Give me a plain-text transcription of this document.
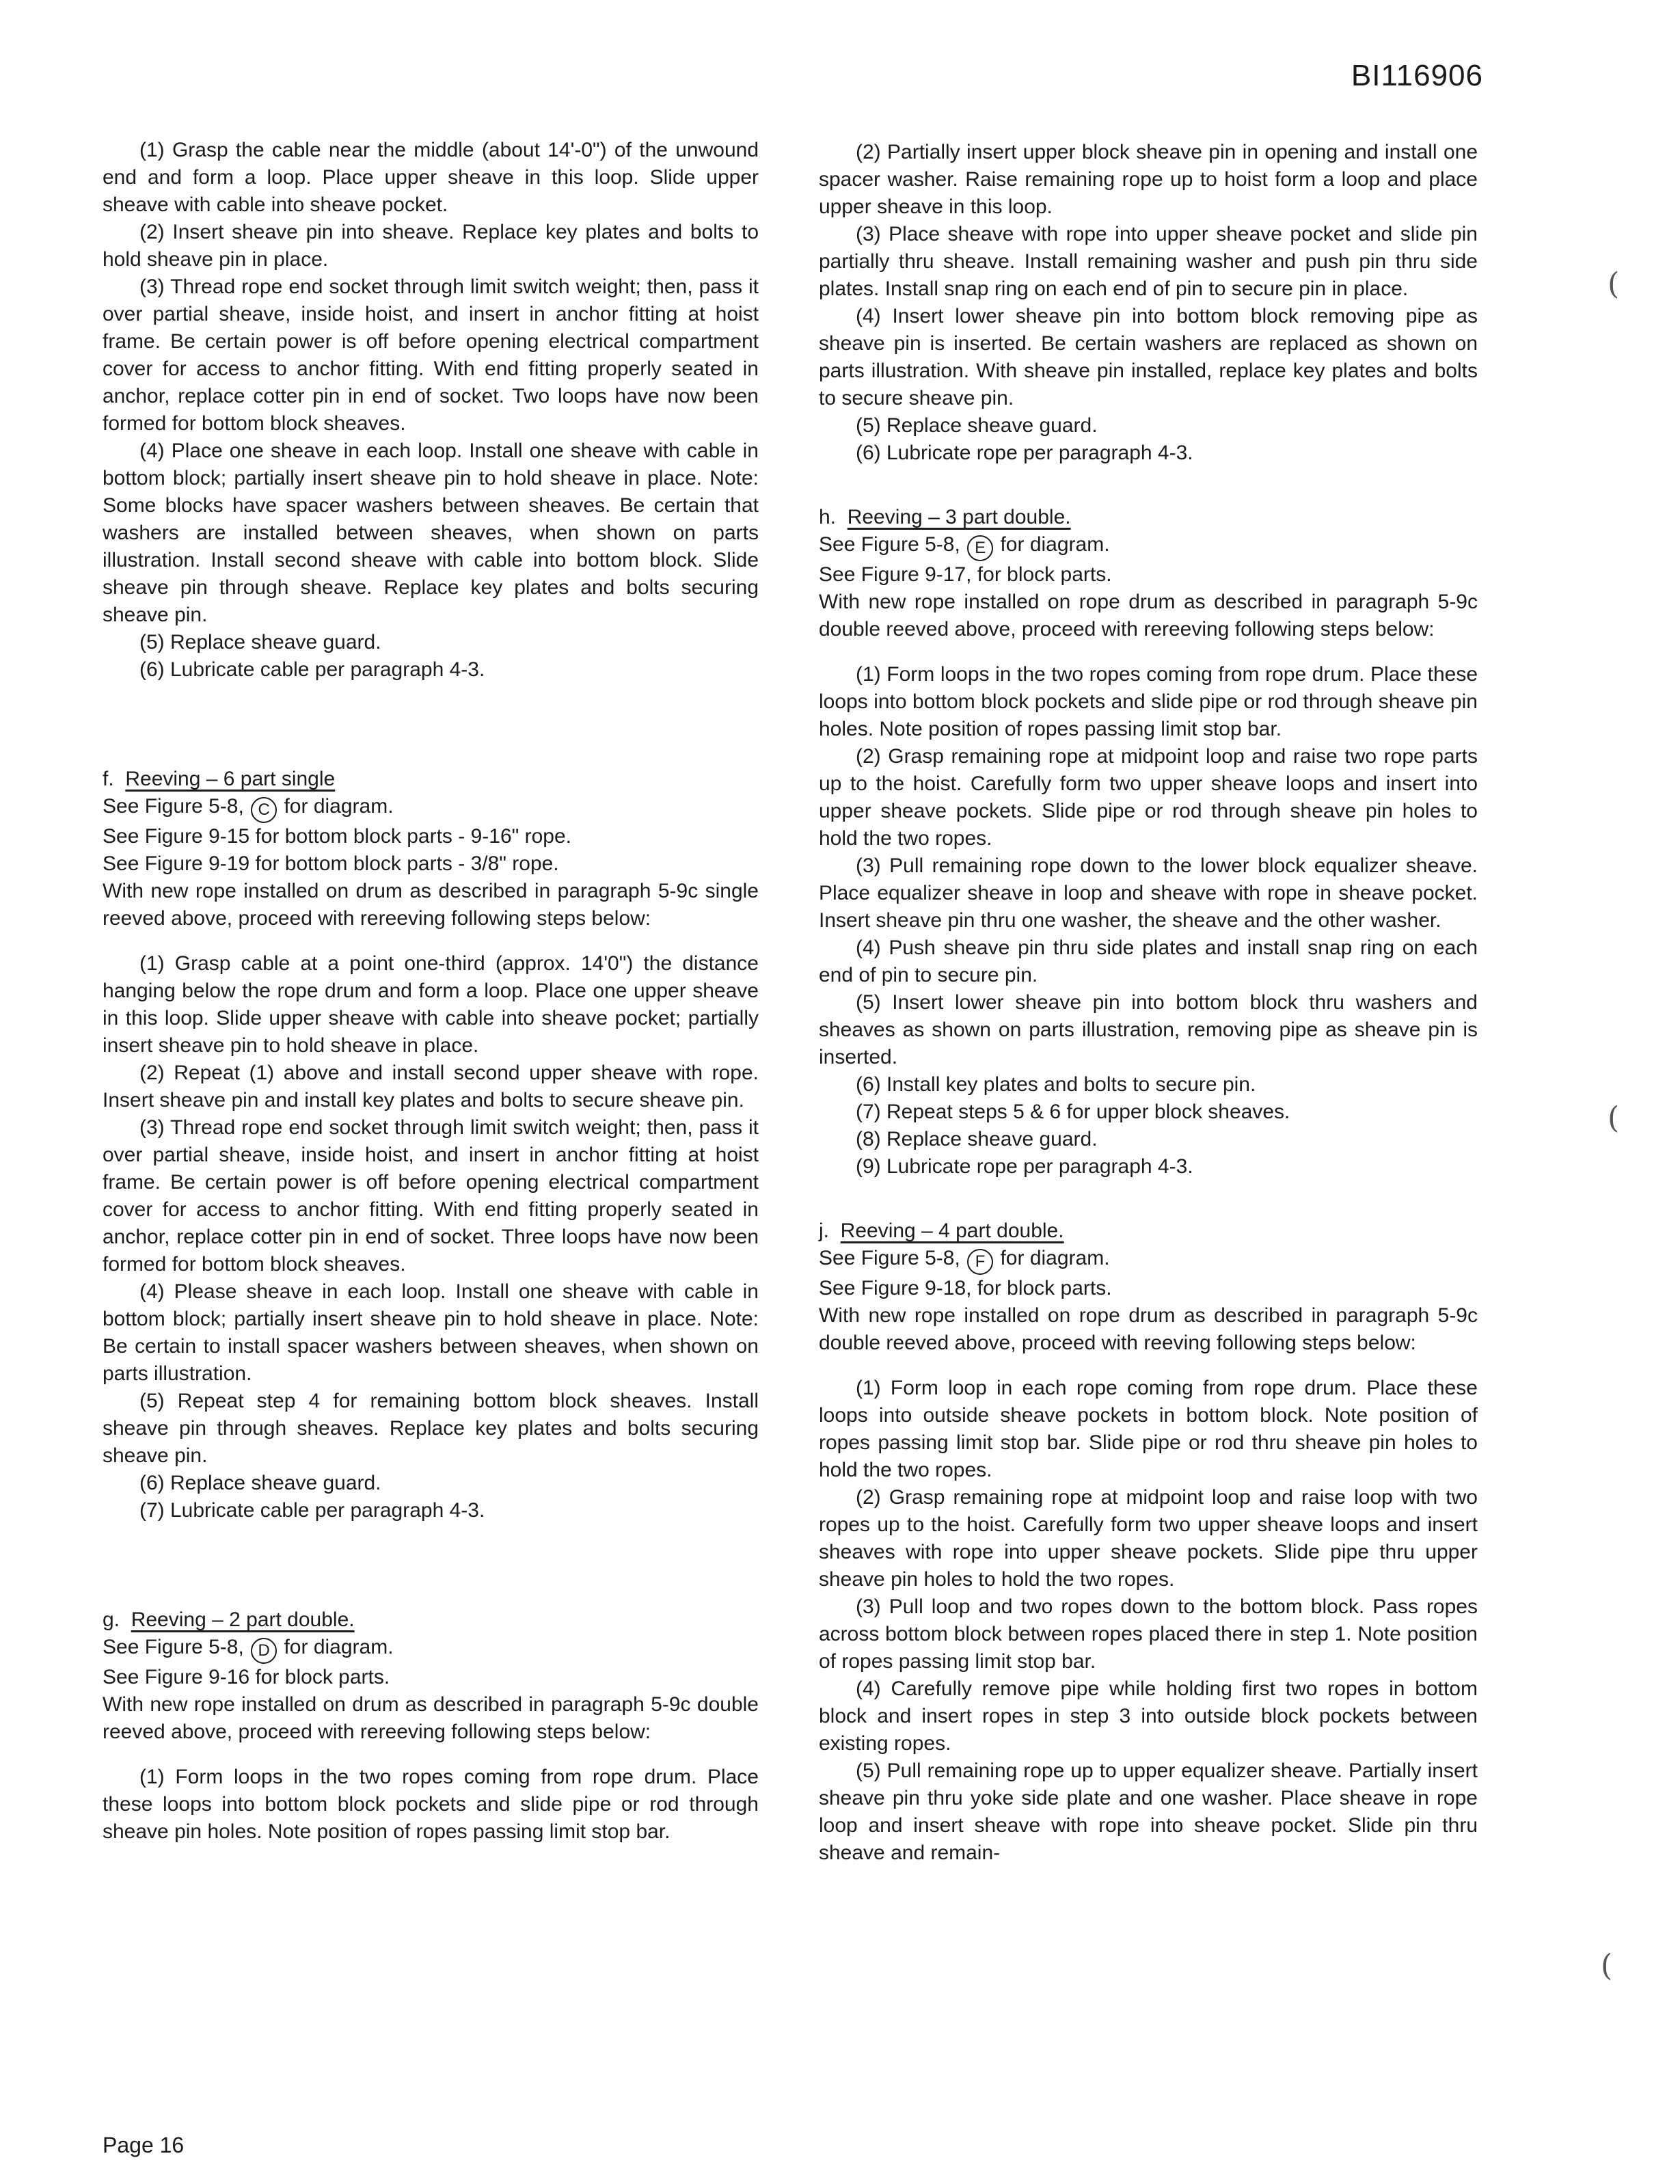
BI116906

(1) Grasp the cable near the middle (about 14'-0") of the unwound end and form a loop. Place upper sheave in this loop. Slide upper sheave with cable into sheave pocket.

(2) Insert sheave pin into sheave. Replace key plates and bolts to hold sheave pin in place.

(3) Thread rope end socket through limit switch weight; then, pass it over partial sheave, inside hoist, and insert in anchor fitting at hoist frame. Be certain power is off before opening electrical compartment cover for access to anchor fitting. With end fitting properly seated in anchor, replace cotter pin in end of socket. Two loops have now been formed for bottom block sheaves.

(4) Place one sheave in each loop. Install one sheave with cable in bottom block; partially insert sheave pin to hold sheave in place. Note: Some blocks have spacer washers between sheaves. Be certain that washers are installed between sheaves, when shown on parts illustration. Install second sheave with cable into bottom block. Slide sheave pin through sheave. Replace key plates and bolts securing sheave pin.

(5) Replace sheave guard.

(6) Lubricate cable per paragraph 4-3.

f. Reeving – 6 part single

See Figure 5-8, C for diagram.

See Figure 9-15 for bottom block parts - 9-16" rope.

See Figure 9-19 for bottom block parts - 3/8" rope.

With new rope installed on drum as described in paragraph 5-9c single reeved above, proceed with rereeving following steps below:

(1) Grasp cable at a point one-third (approx. 14'0") the distance hanging below the rope drum and form a loop. Place one upper sheave in this loop. Slide upper sheave with cable into sheave pocket; partially insert sheave pin to hold sheave in place.

(2) Repeat (1) above and install second upper sheave with rope. Insert sheave pin and install key plates and bolts to secure sheave pin.

(3) Thread rope end socket through limit switch weight; then, pass it over partial sheave, inside hoist, and insert in anchor fitting at hoist frame. Be certain power is off before opening electrical compartment cover for access to anchor fitting. With end fitting properly seated in anchor, replace cotter pin in end of socket. Three loops have now been formed for bottom block sheaves.

(4) Please sheave in each loop. Install one sheave with cable in bottom block; partially insert sheave pin to hold sheave in place. Note: Be certain to install spacer washers between sheaves, when shown on parts illustration.

(5) Repeat step 4 for remaining bottom block sheaves. Install sheave pin through sheaves. Replace key plates and bolts securing sheave pin.

(6) Replace sheave guard.

(7) Lubricate cable per paragraph 4-3.

g. Reeving – 2 part double.

See Figure 5-8, D for diagram.

See Figure 9-16 for block parts.

With new rope installed on drum as described in paragraph 5-9c double reeved above, proceed with rereeving following steps below:

(1) Form loops in the two ropes coming from rope drum. Place these loops into bottom block pockets and slide pipe or rod through sheave pin holes. Note position of ropes passing limit stop bar.

(2) Partially insert upper block sheave pin in opening and install one spacer washer. Raise remaining rope up to hoist form a loop and place upper sheave in this loop.

(3) Place sheave with rope into upper sheave pocket and slide pin partially thru sheave. Install remaining washer and push pin thru side plates. Install snap ring on each end of pin to secure pin in place.

(4) Insert lower sheave pin into bottom block removing pipe as sheave pin is inserted. Be certain washers are replaced as shown on parts illustration. With sheave pin installed, replace key plates and bolts to secure sheave pin.

(5) Replace sheave guard.

(6) Lubricate rope per paragraph 4-3.

h. Reeving – 3 part double.

See Figure 5-8, E for diagram.

See Figure 9-17, for block parts.

With new rope installed on rope drum as described in paragraph 5-9c double reeved above, proceed with rereeving following steps below:

(1) Form loops in the two ropes coming from rope drum. Place these loops into bottom block pockets and slide pipe or rod through sheave pin holes. Note position of ropes passing limit stop bar.

(2) Grasp remaining rope at midpoint loop and raise two rope parts up to the hoist. Carefully form two upper sheave loops and insert into upper sheave pockets. Slide pipe or rod through sheave pin holes to hold the two ropes.

(3) Pull remaining rope down to the lower block equalizer sheave. Place equalizer sheave in loop and sheave with rope in sheave pocket. Insert sheave pin thru one washer, the sheave and the other washer.

(4) Push sheave pin thru side plates and install snap ring on each end of pin to secure pin.

(5) Insert lower sheave pin into bottom block thru washers and sheaves as shown on parts illustration, removing pipe as sheave pin is inserted.

(6) Install key plates and bolts to secure pin.

(7) Repeat steps 5 & 6 for upper block sheaves.

(8) Replace sheave guard.

(9) Lubricate rope per paragraph 4-3.

j. Reeving – 4 part double.

See Figure 5-8, F for diagram.

See Figure 9-18, for block parts.

With new rope installed on rope drum as described in paragraph 5-9c double reeved above, proceed with reeving following steps below:

(1) Form loop in each rope coming from rope drum. Place these loops into outside sheave pockets in bottom block. Note position of ropes passing limit stop bar. Slide pipe or rod thru sheave pin holes to hold the two ropes.

(2) Grasp remaining rope at midpoint loop and raise loop with two ropes up to the hoist. Carefully form two upper sheave loops and insert sheaves with rope into upper sheave pockets. Slide pipe thru upper sheave pin holes to hold the two ropes.

(3) Pull loop and two ropes down to the bottom block. Pass ropes across bottom block between ropes placed there in step 1. Note position of ropes passing limit stop bar.

(4) Carefully remove pipe while holding first two ropes in bottom block and insert ropes in step 3 into outside block pockets between existing ropes.

(5) Pull remaining rope up to upper equalizer sheave. Partially insert sheave pin thru yoke side plate and one washer. Place sheave in rope loop and insert sheave with rope into sheave pocket. Slide pin thru sheave and remain-

(
(
(
Page 16
